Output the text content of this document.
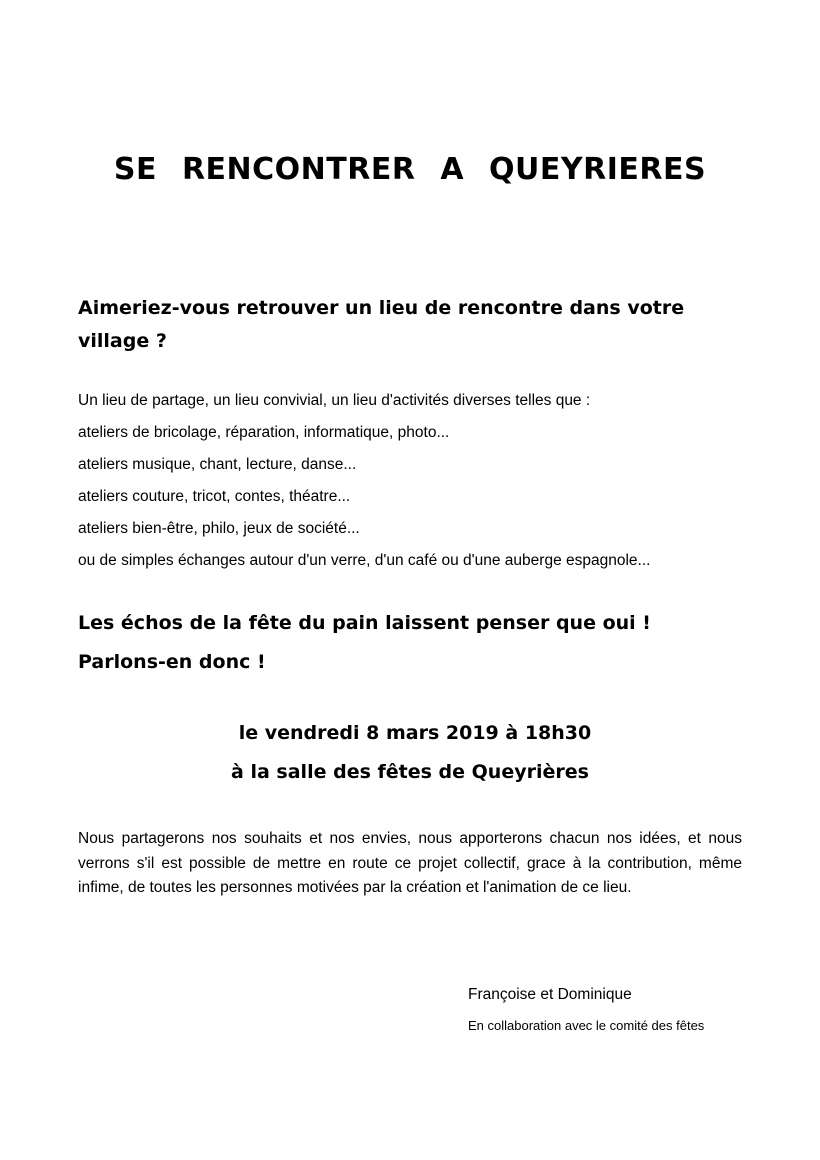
SE RENCONTRER A QUEYRIERES
Aimeriez-vous retrouver un lieu de rencontre dans votre village ?
Un lieu de partage, un lieu convivial, un lieu d'activités diverses telles que :
ateliers de bricolage, réparation, informatique, photo...
ateliers musique, chant, lecture, danse...
ateliers couture, tricot, contes, théatre...
ateliers bien-être, philo, jeux de société...
ou de simples échanges autour d'un verre, d'un café ou d'une auberge espagnole...
Les échos de la fête du pain laissent penser que oui !
Parlons-en donc !
le vendredi 8 mars 2019 à 18h30
à la salle des fêtes de Queyrières

Nous partagerons nos souhaits et nos envies, nous apporterons chacun nos idées, et nous verrons s'il est possible de mettre en route ce projet collectif, grace à la contribution, même infime, de toutes les personnes motivées par la création et l'animation de ce lieu.

Françoise et Dominique
En collaboration avec le comité des fêtes
